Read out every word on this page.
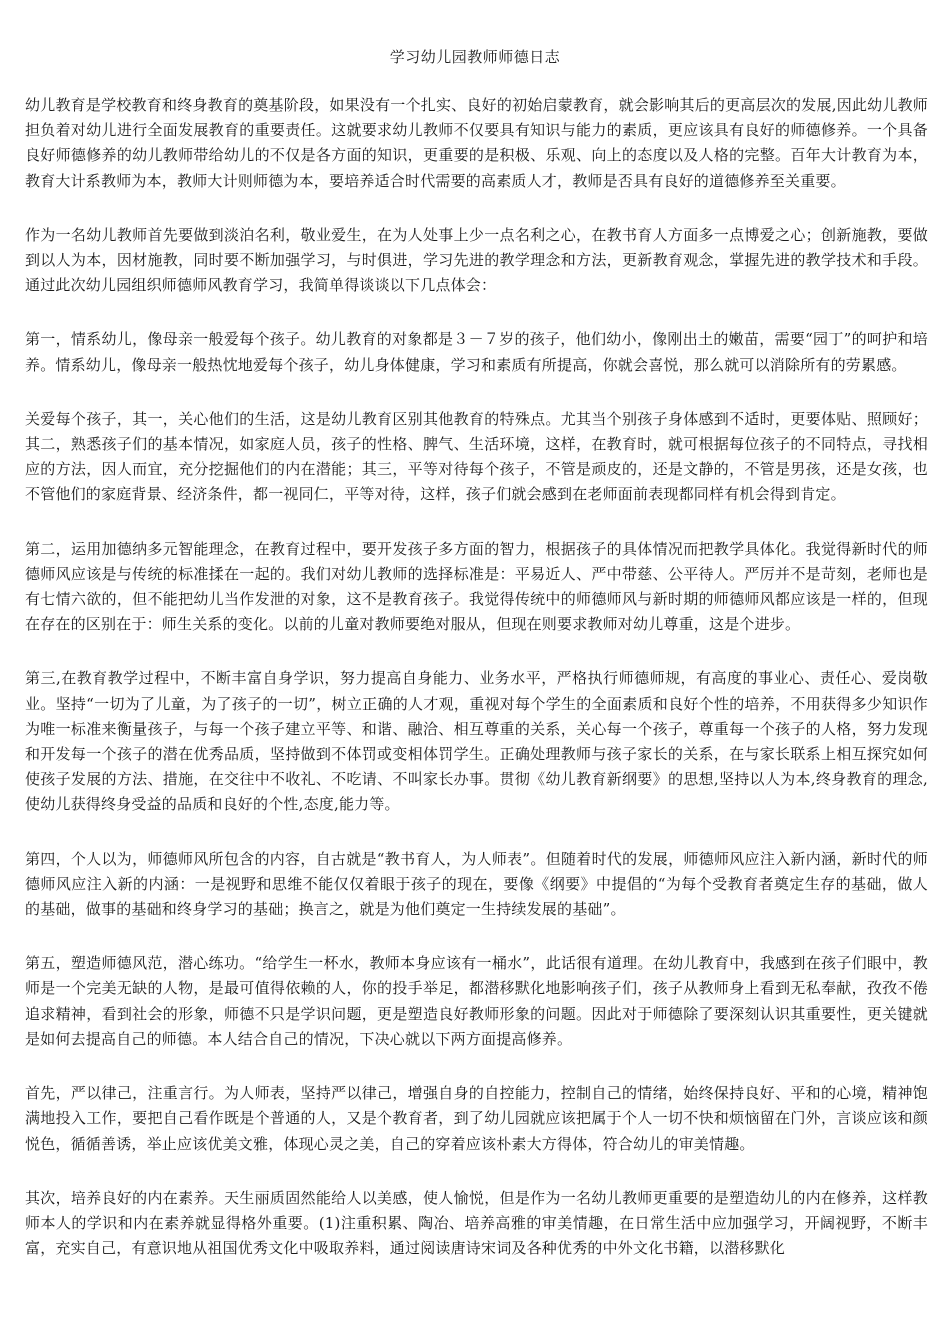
学习幼儿园教师师德日志

幼儿教育是学校教育和终身教育的奠基阶段，如果没有一个扎实、良好的初始启蒙教育，就会影响其后的更高层次的发展,因此幼儿教师担负着对幼儿进行全面发展教育的重要责任。这就要求幼儿教师不仅要具有知识与能力的素质，更应该具有良好的师德修养。一个具备良好师德修养的幼儿教师带给幼儿的不仅是各方面的知识，更重要的是积极、乐观、向上的态度以及人格的完整。百年大计教育为本，教育大计系教师为本，教师大计则师德为本，要培养适合时代需要的高素质人才，教师是否具有良好的道德修养至关重要。

作为一名幼儿教师首先要做到淡泊名利，敬业爱生，在为人处事上少一点名利之心，在教书育人方面多一点博爱之心；创新施教，要做到以人为本，因材施教，同时要不断加强学习，与时俱进，学习先进的教学理念和方法，更新教育观念，掌握先进的教学技术和手段。通过此次幼儿园组织师德师风教育学习，我简单得谈谈以下几点体会：

第一，情系幼儿，像母亲一般爱每个孩子。幼儿教育的对象都是３－７岁的孩子，他们幼小，像刚出土的嫩苗，需要“园丁”的呵护和培养。情系幼儿，像母亲一般热忱地爱每个孩子，幼儿身体健康，学习和素质有所提高，你就会喜悦，那么就可以消除所有的劳累感。

关爱每个孩子，其一，关心他们的生活，这是幼儿教育区别其他教育的特殊点。尤其当个别孩子身体感到不适时，更要体贴、照顾好；其二，熟悉孩子们的基本情况，如家庭人员，孩子的性格、脾气、生活环境，这样，在教育时，就可根据每位孩子的不同特点，寻找相应的方法，因人而宜，充分挖掘他们的内在潜能；其三，平等对待每个孩子，不管是顽皮的，还是文静的，不管是男孩，还是女孩，也不管他们的家庭背景、经济条件，都一视同仁，平等对待，这样，孩子们就会感到在老师面前表现都同样有机会得到肯定。

第二，运用加德纳多元智能理念，在教育过程中，要开发孩子多方面的智力，根据孩子的具体情况而把教学具体化。我觉得新时代的师德师风应该是与传统的标准揉在一起的。我们对幼儿教师的选择标准是：平易近人、严中带慈、公平待人。严厉并不是苛刻，老师也是有七情六欲的，但不能把幼儿当作发泄的对象，这不是教育孩子。我觉得传统中的师德师风与新时期的师德师风都应该是一样的，但现在存在的区别在于：师生关系的变化。以前的儿童对教师要绝对服从，但现在则要求教师对幼儿尊重，这是个进步。

第三,在教育教学过程中，不断丰富自身学识，努力提高自身能力、业务水平，严格执行师德师规，有高度的事业心、责任心、爱岗敬业。坚持“一切为了儿童，为了孩子的一切”，树立正确的人才观，重视对每个学生的全面素质和良好个性的培养，不用获得多少知识作为唯一标准来衡量孩子，与每一个孩子建立平等、和谐、融洽、相互尊重的关系，关心每一个孩子，尊重每一个孩子的人格，努力发现和开发每一个孩子的潜在优秀品质，坚持做到不体罚或变相体罚学生。正确处理教师与孩子家长的关系，在与家长联系上相互探究如何使孩子发展的方法、措施，在交往中不收礼、不吃请、不叫家长办事。贯彻《幼儿教育新纲要》的思想,坚持以人为本,终身教育的理念,使幼儿获得终身受益的品质和良好的个性,态度,能力等。

第四，个人以为，师德师风所包含的内容，自古就是“教书育人，为人师表”。但随着时代的发展，师德师风应注入新内涵，新时代的师德师风应注入新的内涵：一是视野和思维不能仅仅着眼于孩子的现在，要像《纲要》中提倡的“为每个受教育者奠定生存的基础，做人的基础，做事的基础和终身学习的基础；换言之，就是为他们奠定一生持续发展的基础”。

第五，塑造师德风范，潜心练功。“给学生一杯水，教师本身应该有一桶水”，此话很有道理。在幼儿教育中，我感到在孩子们眼中，教师是一个完美无缺的人物，是最可值得依赖的人，你的投手举足，都潜移默化地影响孩子们，孩子从教师身上看到无私奉献，孜孜不倦追求精神，看到社会的形象，师德不只是学识问题，更是塑造良好教师形象的问题。因此对于师德除了要深刻认识其重要性，更关键就是如何去提高自己的师德。本人结合自己的情况，下决心就以下两方面提高修养。

首先，严以律己，注重言行。为人师表，坚持严以律己，增强自身的自控能力，控制自己的情绪，始终保持良好、平和的心境，精神饱满地投入工作，要把自己看作既是个普通的人，又是个教育者，到了幼儿园就应该把属于个人一切不快和烦恼留在门外，言谈应该和颜悦色，循循善诱，举止应该优美文雅，体现心灵之美，自己的穿着应该朴素大方得体，符合幼儿的审美情趣。

其次，培养良好的内在素养。天生丽质固然能给人以美感，使人愉悦，但是作为一名幼儿教师更重要的是塑造幼儿的内在修养，这样教师本人的学识和内在素养就显得格外重要。(1)注重积累、陶冶、培养高雅的审美情趣，在日常生活中应加强学习，开阔视野，不断丰富，充实自己，有意识地从祖国优秀文化中吸取养料，通过阅读唐诗宋词及各种优秀的中外文化书籍，以潜移默化
